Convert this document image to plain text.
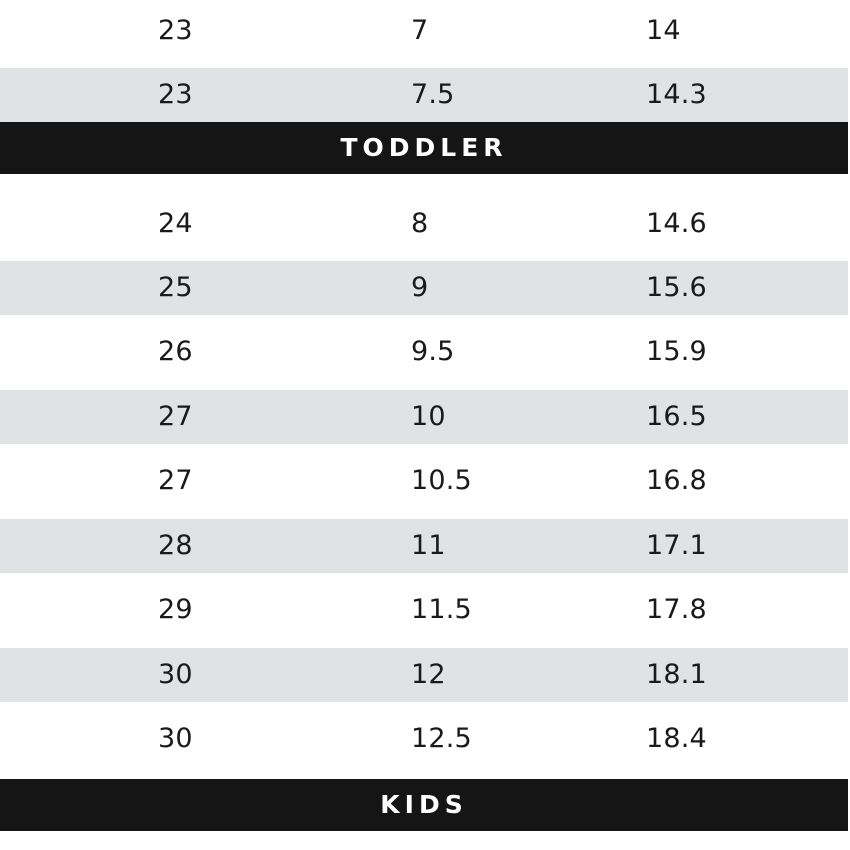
23	7	14
23	7.5	14.3
TODDLER
24	8	14.6
25	9	15.6
26	9.5	15.9
27	10	16.5
27	10.5	16.8
28	11	17.1
29	11.5	17.8
30	12	18.1
30	12.5	18.4
KIDS
